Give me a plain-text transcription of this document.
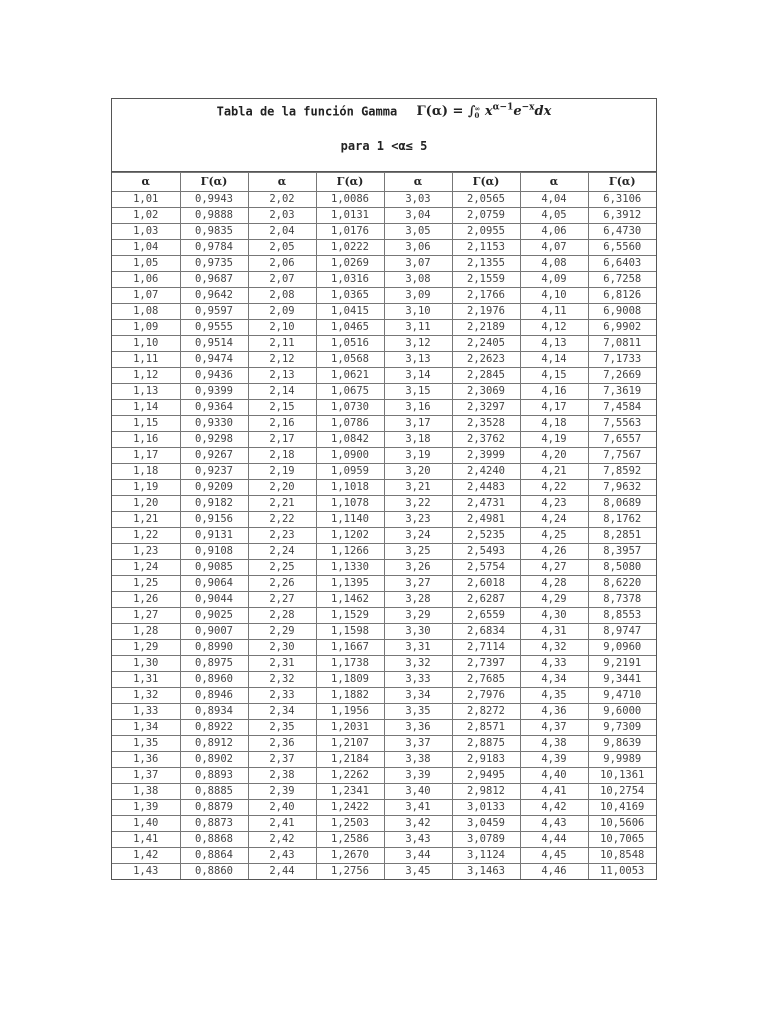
Tabla de la función Gamma Γ(α) = ∫∞
0 $x^{\alpha-1}e^{-x}dx$
para 1 <α≤ 5
α	Γ(α)	α	Γ(α)	α	Γ(α)	α	Γ(α)
1,01	0,9943	2,02	1,0086	3,03	2,0565	4,04	6,3106
1,02	0,9888	2,03	1,0131	3,04	2,0759	4,05	6,3912
1,03	0,9835	2,04	1,0176	3,05	2,0955	4,06	6,4730
1,04	0,9784	2,05	1,0222	3,06	2,1153	4,07	6,5560
1,05	0,9735	2,06	1,0269	3,07	2,1355	4,08	6,6403
1,06	0,9687	2,07	1,0316	3,08	2,1559	4,09	6,7258
1,07	0,9642	2,08	1,0365	3,09	2,1766	4,10	6,8126
1,08	0,9597	2,09	1,0415	3,10	2,1976	4,11	6,9008
1,09	0,9555	2,10	1,0465	3,11	2,2189	4,12	6,9902
1,10	0,9514	2,11	1,0516	3,12	2,2405	4,13	7,0811
1,11	0,9474	2,12	1,0568	3,13	2,2623	4,14	7,1733
1,12	0,9436	2,13	1,0621	3,14	2,2845	4,15	7,2669
1,13	0,9399	2,14	1,0675	3,15	2,3069	4,16	7,3619
1,14	0,9364	2,15	1,0730	3,16	2,3297	4,17	7,4584
1,15	0,9330	2,16	1,0786	3,17	2,3528	4,18	7,5563
1,16	0,9298	2,17	1,0842	3,18	2,3762	4,19	7,6557
1,17	0,9267	2,18	1,0900	3,19	2,3999	4,20	7,7567
1,18	0,9237	2,19	1,0959	3,20	2,4240	4,21	7,8592
1,19	0,9209	2,20	1,1018	3,21	2,4483	4,22	7,9632
1,20	0,9182	2,21	1,1078	3,22	2,4731	4,23	8,0689
1,21	0,9156	2,22	1,1140	3,23	2,4981	4,24	8,1762
1,22	0,9131	2,23	1,1202	3,24	2,5235	4,25	8,2851
1,23	0,9108	2,24	1,1266	3,25	2,5493	4,26	8,3957
1,24	0,9085	2,25	1,1330	3,26	2,5754	4,27	8,5080
1,25	0,9064	2,26	1,1395	3,27	2,6018	4,28	8,6220
1,26	0,9044	2,27	1,1462	3,28	2,6287	4,29	8,7378
1,27	0,9025	2,28	1,1529	3,29	2,6559	4,30	8,8553
1,28	0,9007	2,29	1,1598	3,30	2,6834	4,31	8,9747
1,29	0,8990	2,30	1,1667	3,31	2,7114	4,32	9,0960
1,30	0,8975	2,31	1,1738	3,32	2,7397	4,33	9,2191
1,31	0,8960	2,32	1,1809	3,33	2,7685	4,34	9,3441
1,32	0,8946	2,33	1,1882	3,34	2,7976	4,35	9,4710
1,33	0,8934	2,34	1,1956	3,35	2,8272	4,36	9,6000
1,34	0,8922	2,35	1,2031	3,36	2,8571	4,37	9,7309
1,35	0,8912	2,36	1,2107	3,37	2,8875	4,38	9,8639
1,36	0,8902	2,37	1,2184	3,38	2,9183	4,39	9,9989
1,37	0,8893	2,38	1,2262	3,39	2,9495	4,40	10,1361
1,38	0,8885	2,39	1,2341	3,40	2,9812	4,41	10,2754
1,39	0,8879	2,40	1,2422	3,41	3,0133	4,42	10,4169
1,40	0,8873	2,41	1,2503	3,42	3,0459	4,43	10,5606
1,41	0,8868	2,42	1,2586	3,43	3,0789	4,44	10,7065
1,42	0,8864	2,43	1,2670	3,44	3,1124	4,45	10,8548
1,43	0,8860	2,44	1,2756	3,45	3,1463	4,46	11,0053
